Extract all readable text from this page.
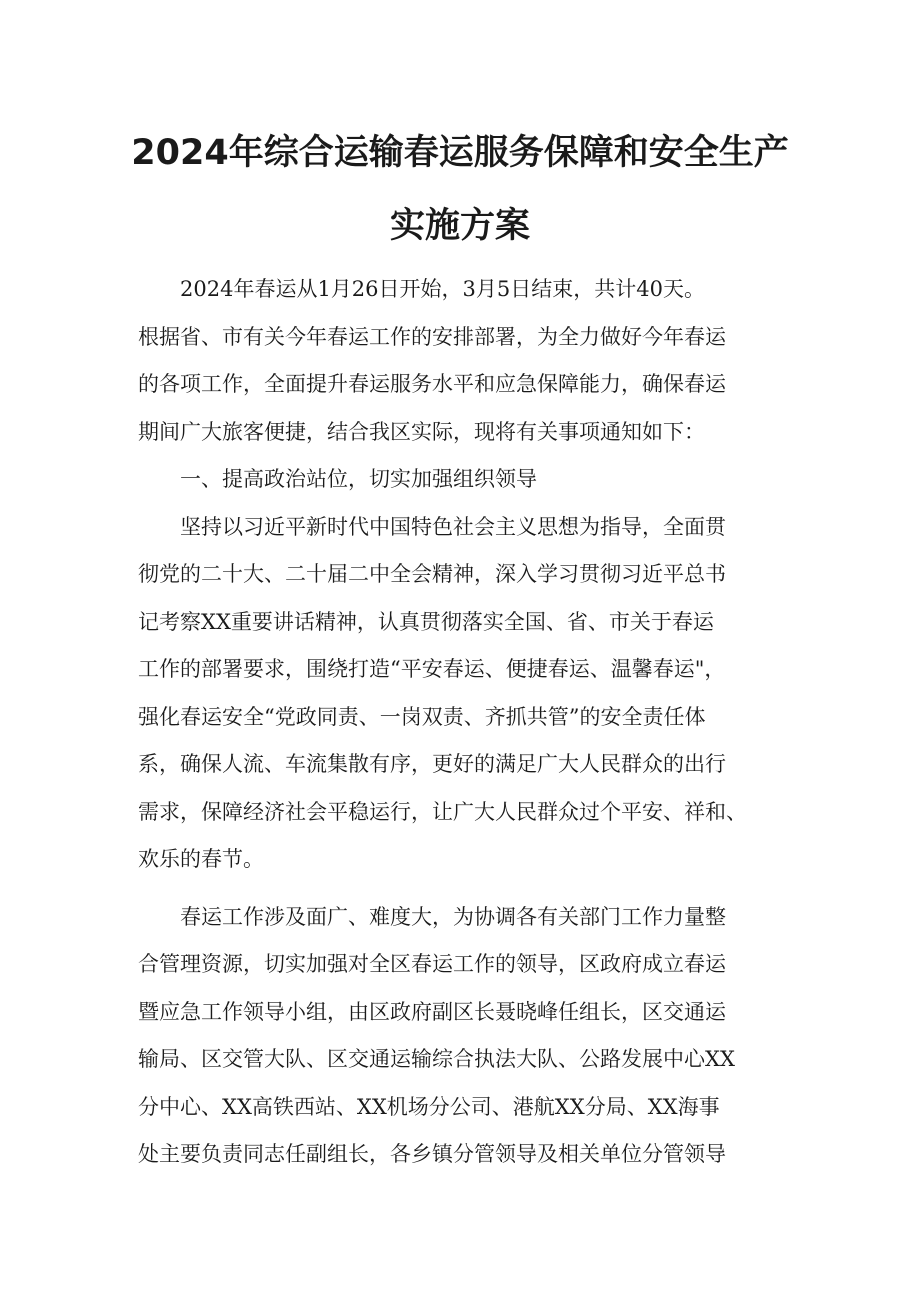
2024年综合运输春运服务保障和安全生产
实施方案
2024年春运从1月26日开始，3月5日结束，共计40天。
根据省、市有关今年春运工作的安排部署，为全力做好今年春运
的各项工作，全面提升春运服务水平和应急保障能力，确保春运
期间广大旅客便捷，结合我区实际，现将有关事项通知如下：
一、提高政治站位，切实加强组织领导
坚持以习近平新时代中国特色社会主义思想为指导，全面贯
彻党的二十大、二十届二中全会精神，深入学习贯彻习近平总书
记考察XX重要讲话精神，认真贯彻落实全国、省、市关于春运
工作的部署要求，围绕打造“平安春运、便捷春运、温馨春运"，
强化春运安全“党政同责、一岗双责、齐抓共管”的安全责任体
系，确保人流、车流集散有序，更好的满足广大人民群众的出行
需求，保障经济社会平稳运行，让广大人民群众过个平安、祥和、
欢乐的春节。
春运工作涉及面广、难度大，为协调各有关部门工作力量整
合管理资源，切实加强对全区春运工作的领导，区政府成立春运
暨应急工作领导小组，由区政府副区长聂晓峰任组长，区交通运
输局、区交管大队、区交通运输综合执法大队、公路发展中心XX
分中心、XX高铁西站、XX机场分公司、港航XX分局、XX海事
处主要负责同志任副组长，各乡镇分管领导及相关单位分管领导
